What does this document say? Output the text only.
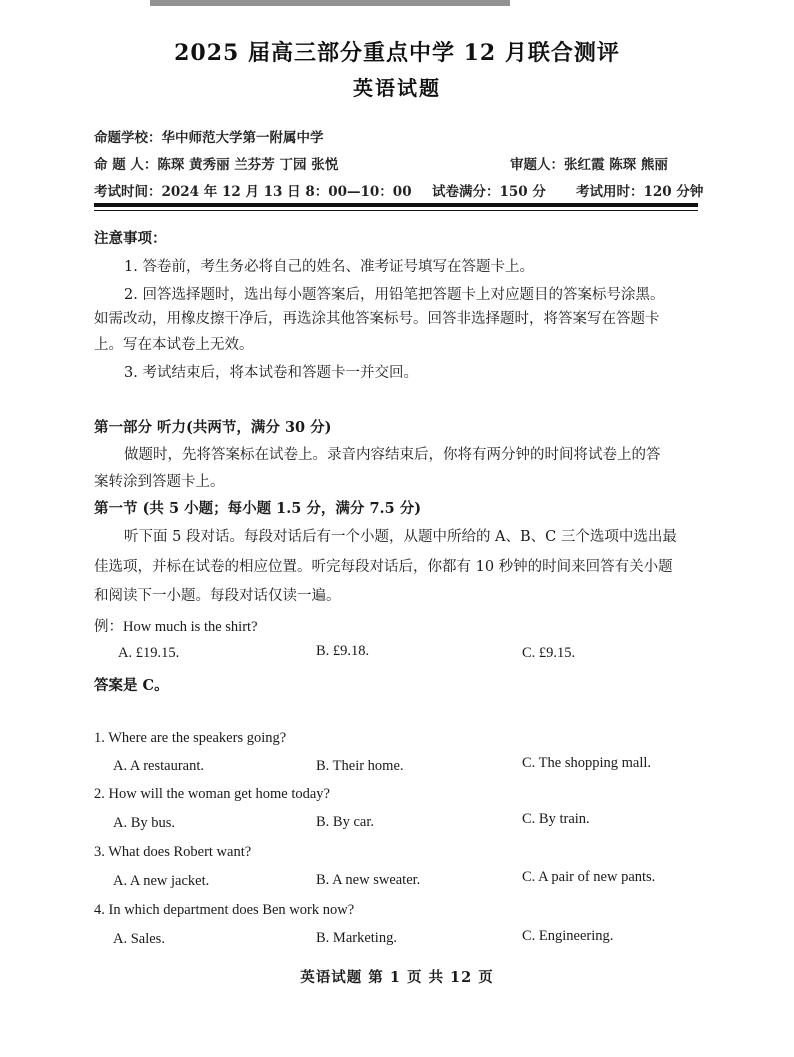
2025 届高三部分重点中学 12 月联合测评
英语试题
命题学校：华中师范大学第一附属中学
命 题 人：陈琛 黄秀丽 兰芬芳 丁园 张悦	审题人：张红霞 陈琛 熊丽
考试时间：2024 年 12 月 13 日 8：00—10：00 试卷满分：150 分 考试用时：120 分钟
注意事项：
1. 答卷前，考生务必将自己的姓名、准考证号填写在答题卡上。
2. 回答选择题时，选出每小题答案后，用铅笔把答题卡上对应题目的答案标号涂黑。
如需改动，用橡皮擦干净后，再选涂其他答案标号。回答非选择题时，将答案写在答题卡
上。写在本试卷上无效。
3. 考试结束后，将本试卷和答题卡一并交回。
第一部分 听力(共两节，满分 30 分)
做题时，先将答案标在试卷上。录音内容结束后，你将有两分钟的时间将试卷上的答
案转涂到答题卡上。
第一节 (共 5 小题；每小题 1.5 分，满分 7.5 分)
听下面 5 段对话。每段对话后有一个小题，从题中所给的 A、B、C 三个选项中选出最
佳选项，并标在试卷的相应位置。听完每段对话后，你都有 10 秒钟的时间来回答有关小题
和阅读下一小题。每段对话仅读一遍。
例：How much is the shirt?
A. £19.15.	B. £9.18.	C. £9.15.
答案是 C。
1. Where are the speakers going?
A. A restaurant.	B. Their home.	C. The shopping mall.
2. How will the woman get home today?
A. By bus.	B. By car.	C. By train.
3. What does Robert want?
A. A new jacket.	B. A new sweater.	C. A pair of new pants.
4. In which department does Ben work now?
A. Sales.	B. Marketing.	C. Engineering.
英语试题 第 1 页 共 12 页
